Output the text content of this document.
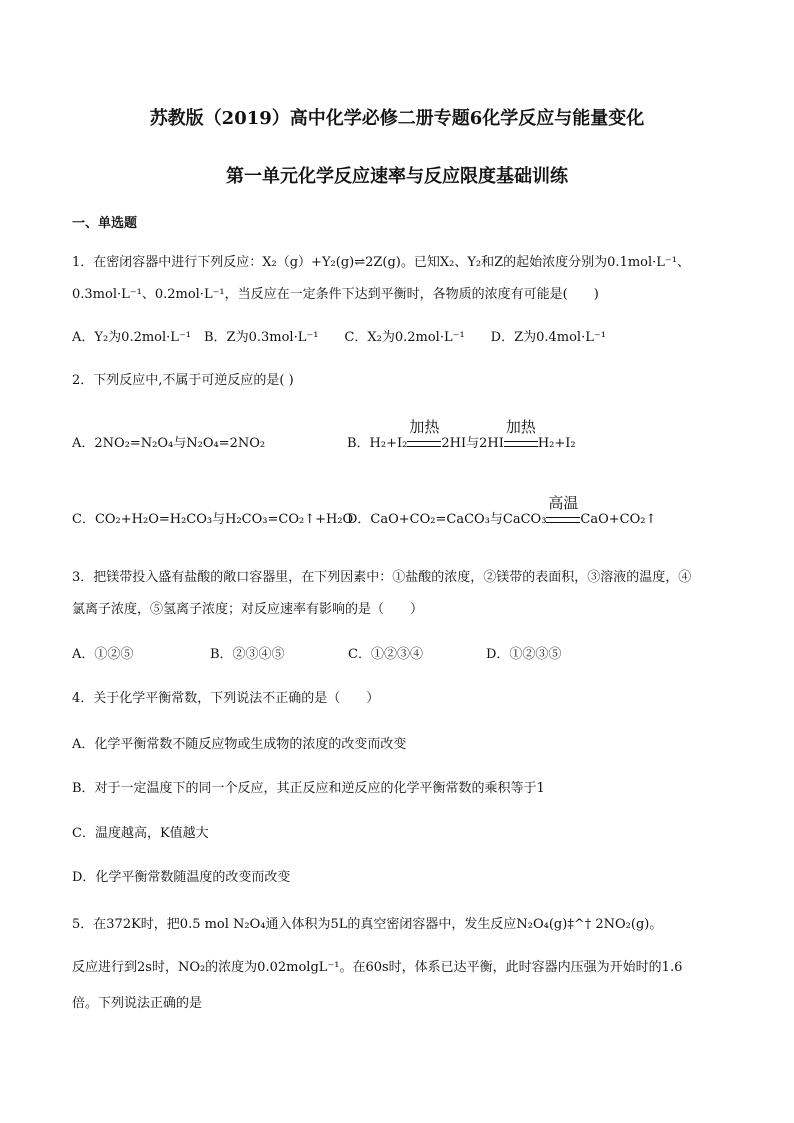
苏教版（2019）高中化学必修二册专题6化学反应与能量变化
第一单元化学反应速率与反应限度基础训练
一、单选题
1．在密闭容器中进行下列反应：X₂（g）+Y₂(g)⇌2Z(g)。已知X₂、Y₂和Z的起始浓度分别为0.1mol·L⁻¹、
0.3mol·L⁻¹、0.2mol·L⁻¹，当反应在一定条件下达到平衡时，各物质的浓度有可能是(　　)
A．Y₂为0.2mol·L⁻¹　B．Z为0.3mol·L⁻¹　　C．X₂为0.2mol·L⁻¹　　D．Z为0.4mol·L⁻¹
2．下列反应中,不属于可逆反应的是( )
A．2NO₂=N₂O₄与N₂O₄=2NO₂	B．H₂+I₂
加热
2HI与2HI
加热
H₂+I₂
C．CO₂+H₂O=H₂CO₃与H₂CO₃=CO₂↑+H₂O
D．CaO+CO₂=CaCO₃与CaCO₃
高温
CaO+CO₂↑
3．把镁带投入盛有盐酸的敞口容器里，在下列因素中：①盐酸的浓度，②镁带的表面积，③溶液的温度，④
氯离子浓度，⑤氢离子浓度；对反应速率有影响的是（　　）
A．①②⑤	B．②③④⑤	C．①②③④	D．①②③⑤
4．关于化学平衡常数，下列说法不正确的是（　　）
A．化学平衡常数不随反应物或生成物的浓度的改变而改变
B．对于一定温度下的同一个反应，其正反应和逆反应的化学平衡常数的乘积等于1
C．温度越高，K值越大
D．化学平衡常数随温度的改变而改变
5．在372K时，把0.5 mol N₂O₄通入体积为5L的真空密闭容器中，发生反应N₂O₄(g)‡^† 2NO₂(g)。
反应进行到2s时，NO₂的浓度为0.02molgL⁻¹。在60s时，体系已达平衡，此时容器内压强为开始时的1.6
倍。下列说法正确的是
